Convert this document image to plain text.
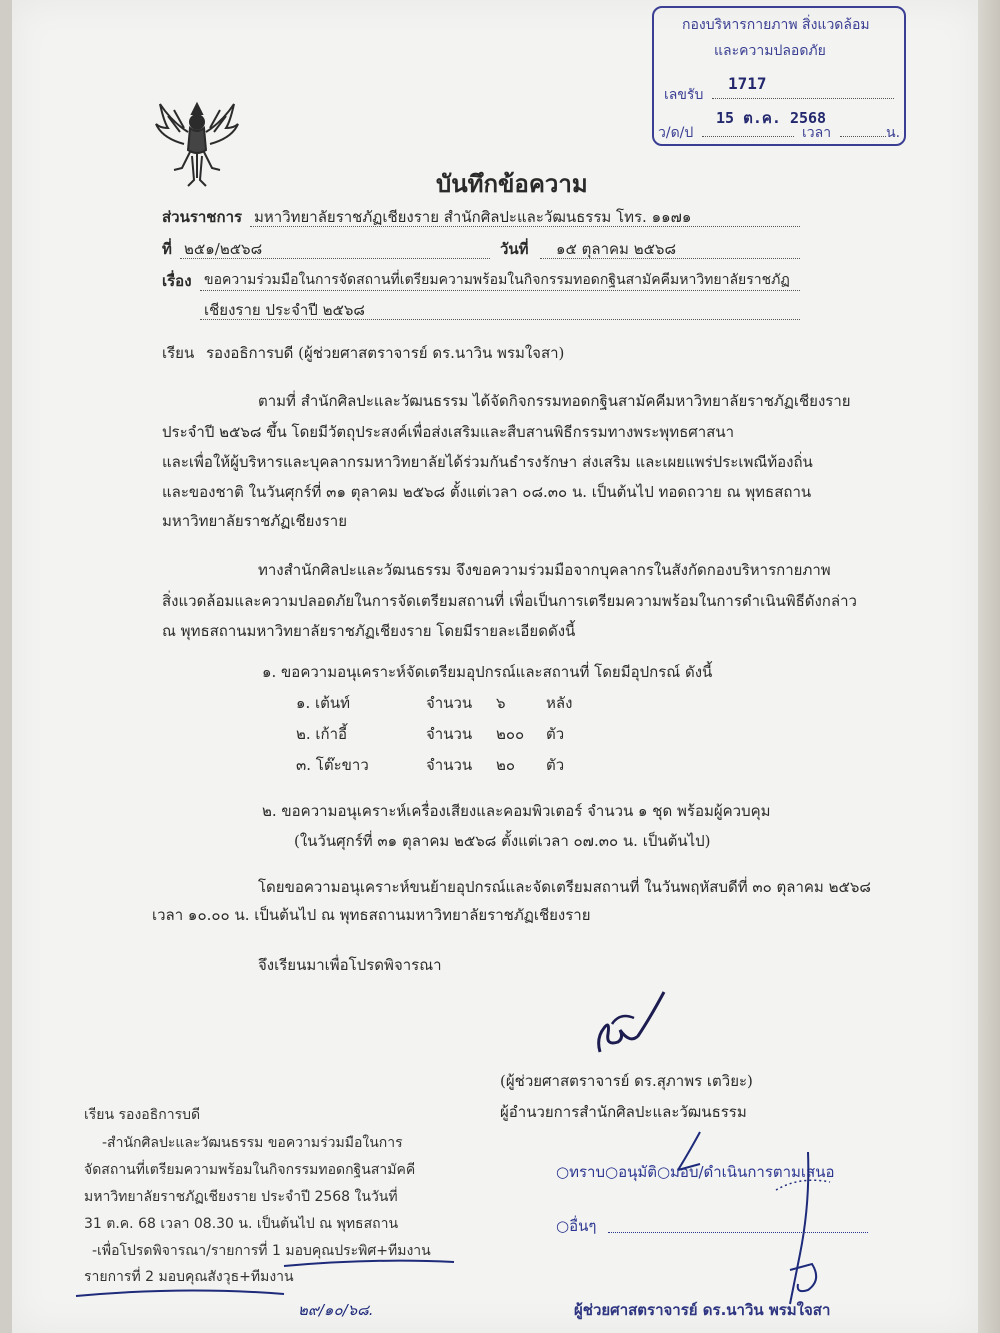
กองบริหารกายภาพ สิ่งแวดล้อม
และความปลอดภัย
เลขรับ
1717
15 ต.ค. 2568
ว/ด/ป	เวลา	น.
บันทึกข้อความ
ส่วนราชการ มหาวิทยาลัยราชภัฏเชียงราย สำนักศิลปะและวัฒนธรรม โทร. ๑๑๗๑
ที่ ๒๕๑/๒๕๖๘	วันที่ ๑๕ ตุลาคม ๒๕๖๘
เรื่อง ขอความร่วมมือในการจัดสถานที่เตรียมความพร้อมในกิจกรรมทอดกฐินสามัคคีมหาวิทยาลัยราชภัฏ
เชียงราย ประจำปี ๒๕๖๘
เรียน รองอธิการบดี (ผู้ช่วยศาสตราจารย์ ดร.นาวิน พรมใจสา)
ตามที่ สำนักศิลปะและวัฒนธรรม ได้จัดกิจกรรมทอดกฐินสามัคคีมหาวิทยาลัยราชภัฏเชียงราย
ประจำปี ๒๕๖๘ ขึ้น โดยมีวัตถุประสงค์เพื่อส่งเสริมและสืบสานพิธีกรรมทางพระพุทธศาสนา
และเพื่อให้ผู้บริหารและบุคลากรมหาวิทยาลัยได้ร่วมกันธำรงรักษา ส่งเสริม และเผยแพร่ประเพณีท้องถิ่น
และของชาติ ในวันศุกร์ที่ ๓๑ ตุลาคม ๒๕๖๘ ตั้งแต่เวลา ๐๘.๓๐ น. เป็นต้นไป ทอดถวาย ณ พุทธสถาน
มหาวิทยาลัยราชภัฏเชียงราย
ทางสำนักศิลปะและวัฒนธรรม จึงขอความร่วมมือจากบุคลากรในสังกัดกองบริหารกายภาพ
สิ่งแวดล้อมและความปลอดภัยในการจัดเตรียมสถานที่ เพื่อเป็นการเตรียมความพร้อมในการดำเนินพิธีดังกล่าว
ณ พุทธสถานมหาวิทยาลัยราชภัฏเชียงราย โดยมีรายละเอียดดังนี้
๑. ขอความอนุเคราะห์จัดเตรียมอุปกรณ์และสถานที่ โดยมีอุปกรณ์ ดังนี้
๑. เต้นท์	จำนวน ๖	หลัง
๒. เก้าอี้	จำนวน ๒๐๐ ตัว
๓. โต๊ะขาว	จำนวน ๒๐ ตัว
๒. ขอความอนุเคราะห์เครื่องเสียงและคอมพิวเตอร์ จำนวน ๑ ชุด พร้อมผู้ควบคุม
(ในวันศุกร์ที่ ๓๑ ตุลาคม ๒๕๖๘ ตั้งแต่เวลา ๐๗.๓๐ น. เป็นต้นไป)
โดยขอความอนุเคราะห์ขนย้ายอุปกรณ์และจัดเตรียมสถานที่ ในวันพฤหัสบดีที่ ๓๐ ตุลาคม ๒๕๖๘
เวลา ๑๐.๐๐ น. เป็นต้นไป ณ พุทธสถานมหาวิทยาลัยราชภัฏเชียงราย
จึงเรียนมาเพื่อโปรดพิจารณา
(ผู้ช่วยศาสตราจารย์ ดร.สุภาพร เตวิยะ)
ผู้อำนวยการสำนักศิลปะและวัฒนธรรม
เรียน รองอธิการบดี
-สำนักศิลปะและวัฒนธรรม ขอความร่วมมือในการ
จัดสถานที่เตรียมความพร้อมในกิจกรรมทอดกฐินสามัคคี
มหาวิทยาลัยราชภัฏเชียงราย ประจำปี 2568 ในวันที่
31 ต.ค. 68 เวลา 08.30 น. เป็นต้นไป ณ พุทธสถาน
-เพื่อโปรดพิจารณา/รายการที่ 1 มอบคุณประพิศ+ทีมงาน
รายการที่ 2 มอบคุณสังวุธ+ทีมงาน
๒๙/๑๐/๖๘.
○ทราบ○อนุมัติ○มอบ/ดำเนินการตามเสนอ
○อื่นๆ
ผู้ช่วยศาสตราจารย์ ดร.นาวิน พรมใจสา
